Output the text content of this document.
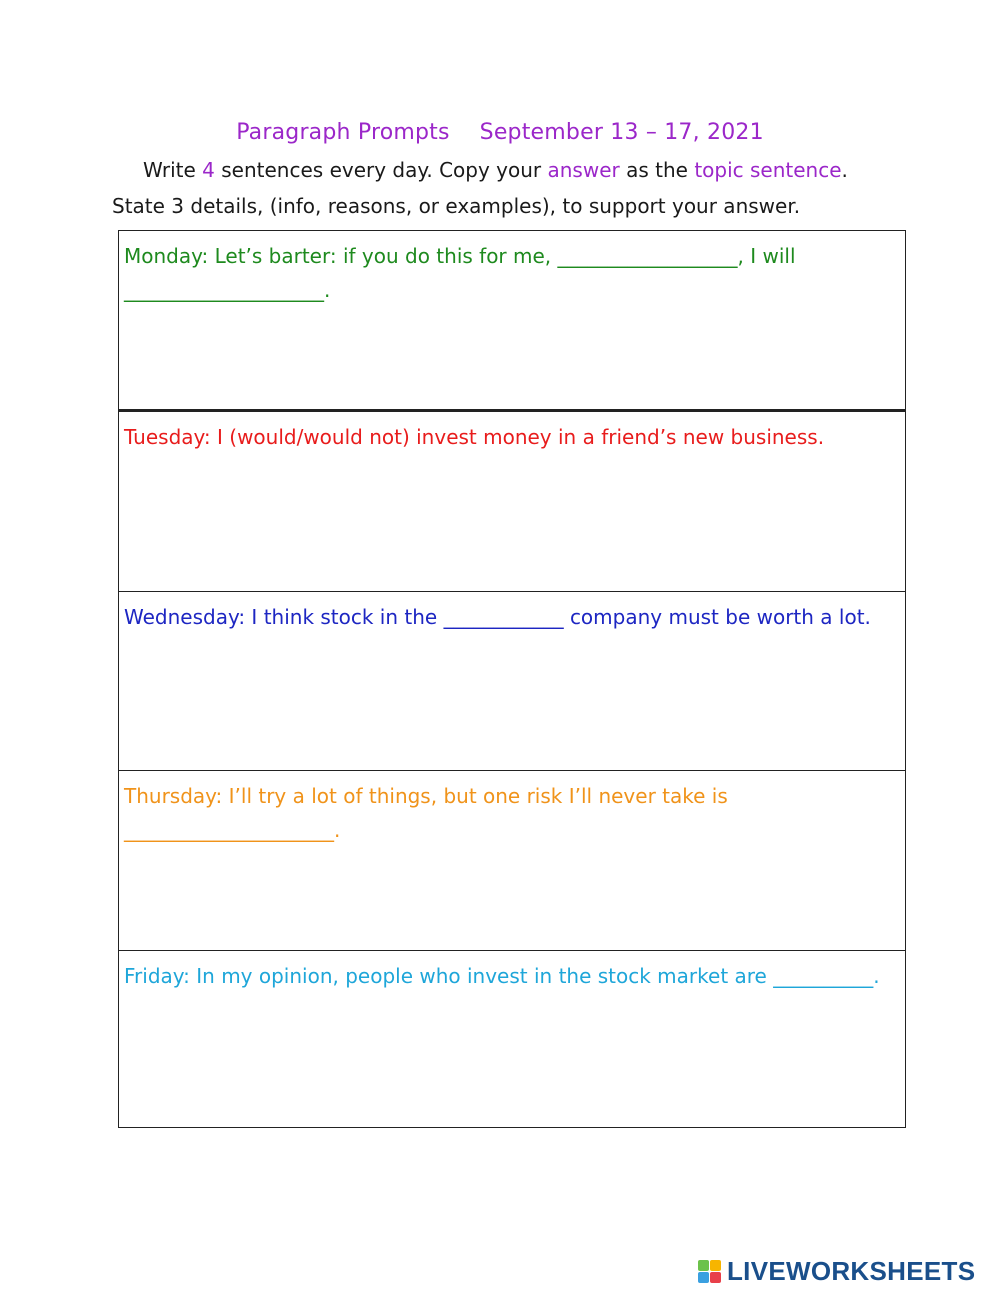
Paragraph Prompts September 13 – 17, 2021
Write 4 sentences every day. Copy your answer as the topic sentence.
State 3 details, (info, reasons, or examples), to support your answer.
Monday: Let’s barter: if you do this for me, __________________, I will ____________________.
Tuesday: I (would/would not) invest money in a friend’s new business.
Wednesday: I think stock in the ____________ company must be worth a lot.
Thursday: I’ll try a lot of things, but one risk I’ll never take is _____________________.
Friday: In my opinion, people who invest in the stock market are __________.
LIVEWORKSHEETS
